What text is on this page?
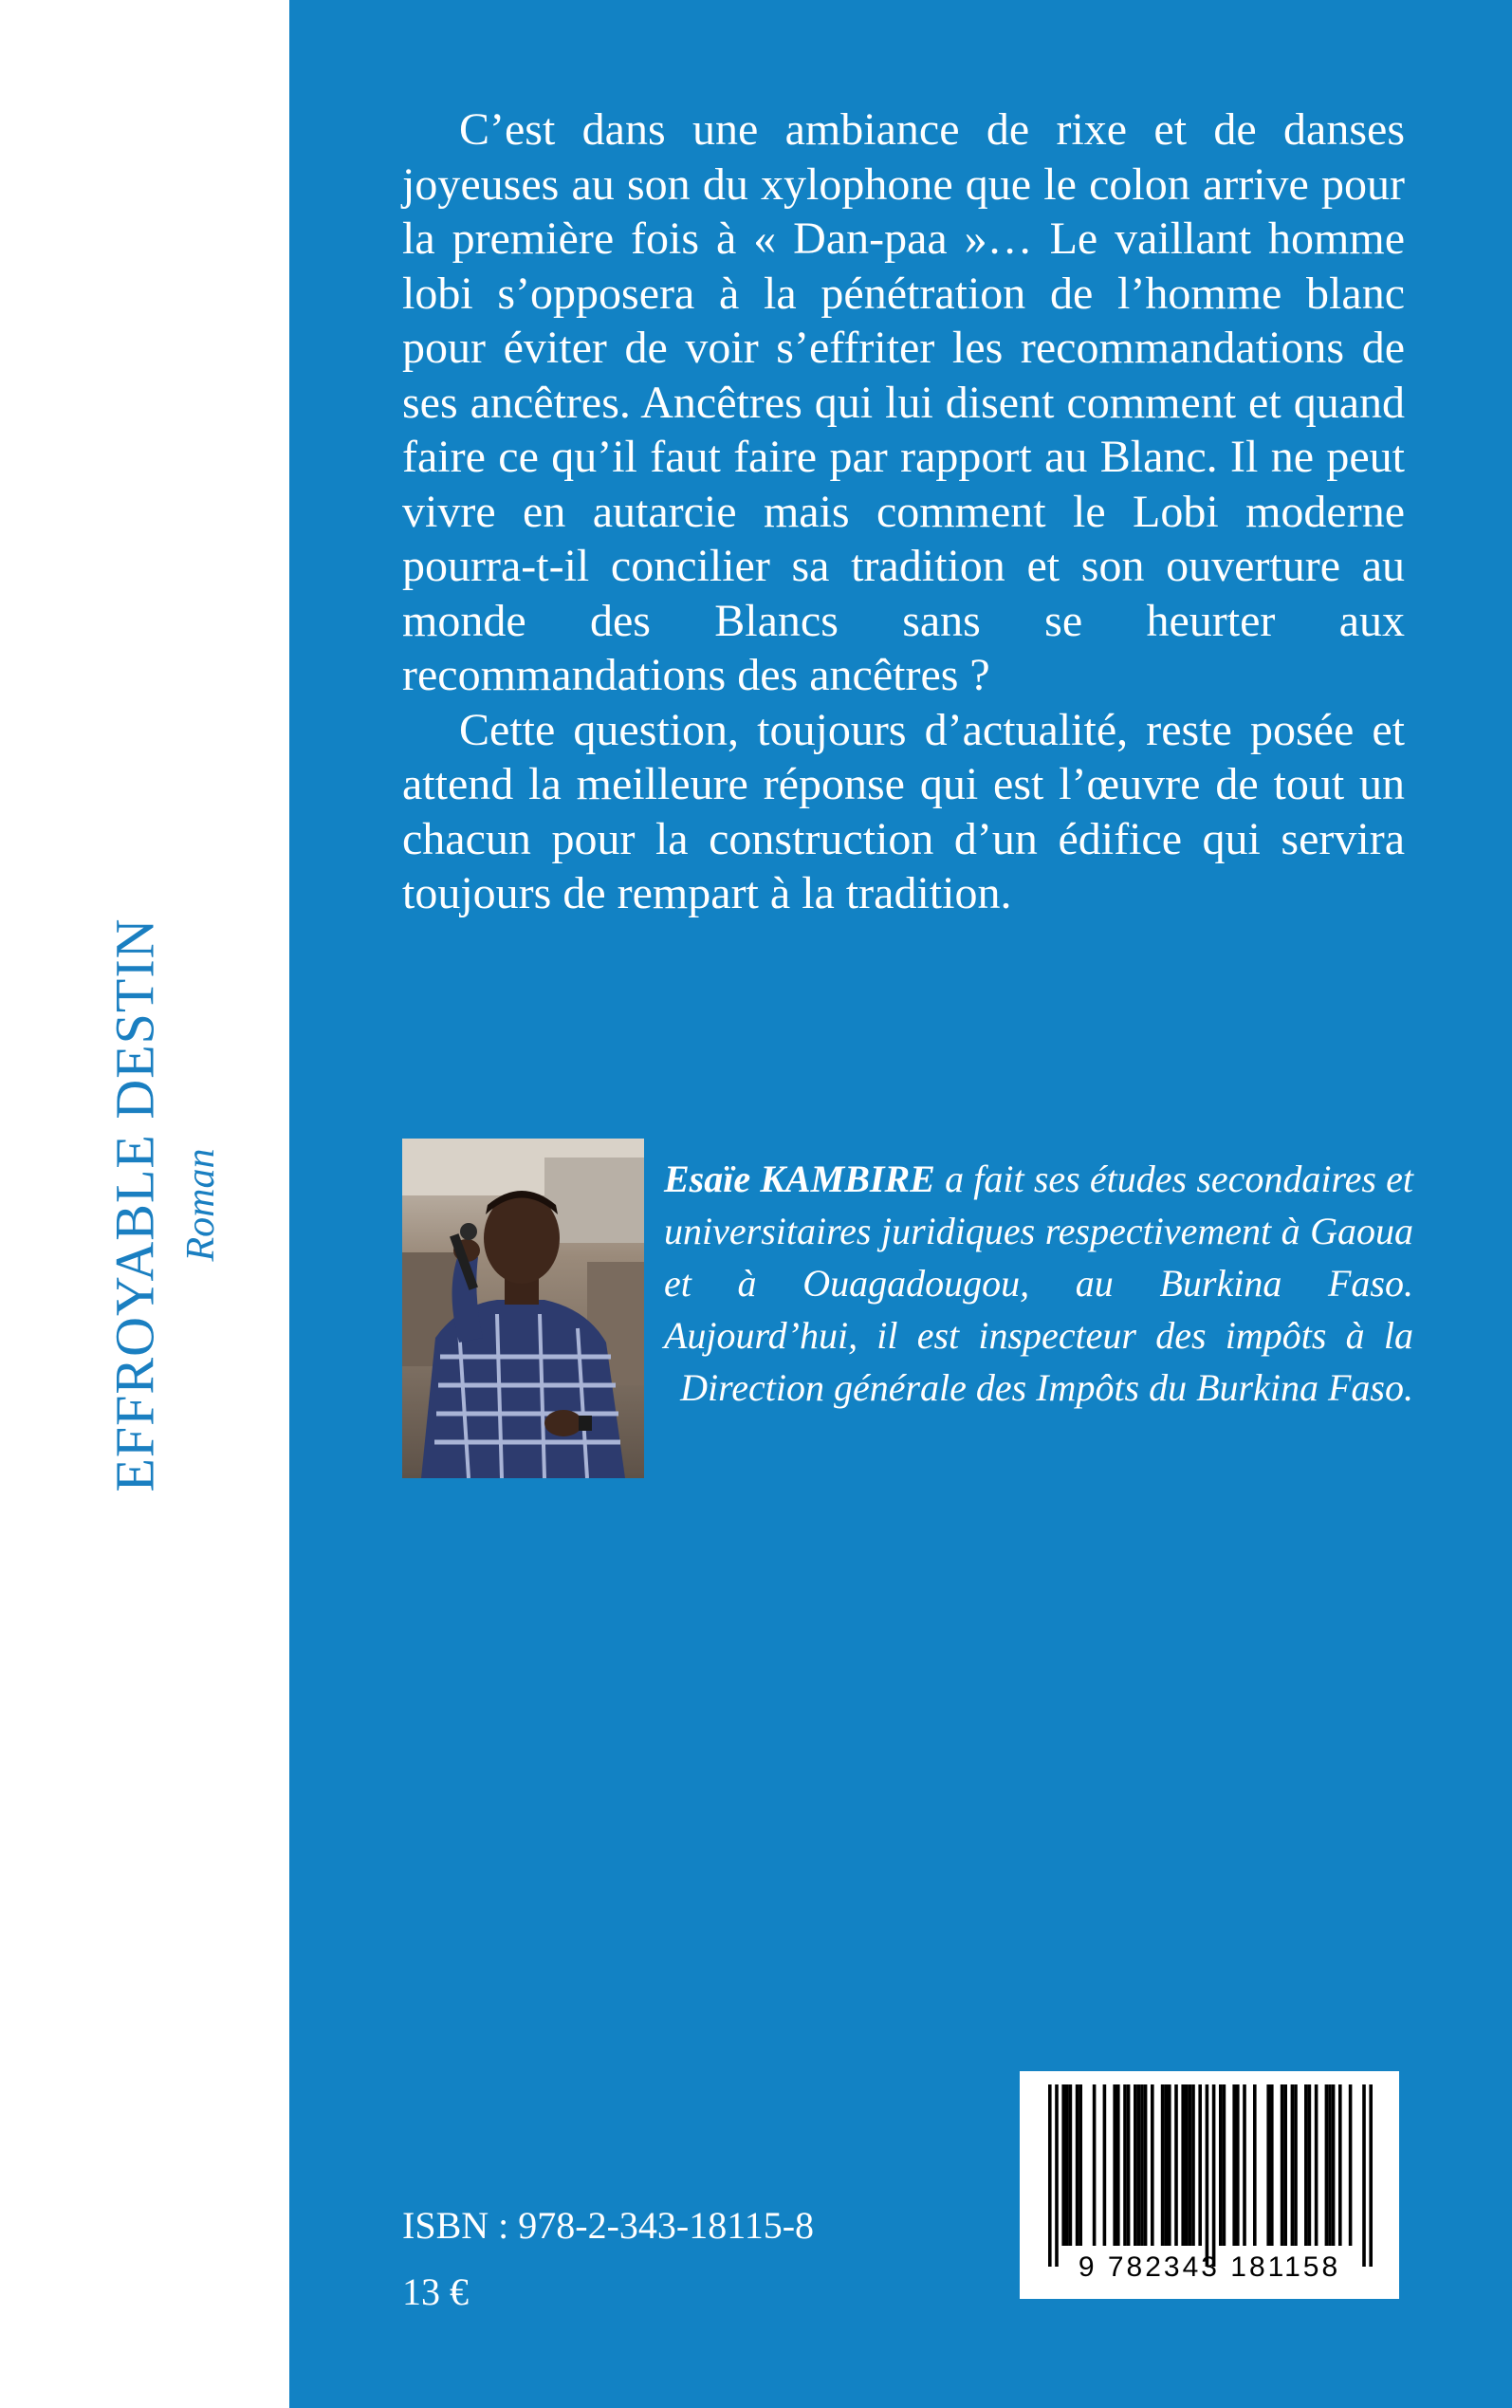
EFFROYABLE DESTIN Roman

C’est dans une ambiance de rixe et de danses joyeuses au son du xylophone que le colon arrive pour la première fois à « Dan-paa »… Le vaillant homme lobi s’opposera à la pénétration de l’homme blanc pour éviter de voir s’effriter les recommandations de ses ancêtres. Ancêtres qui lui disent comment et quand faire ce qu’il faut faire par rapport au Blanc. Il ne peut vivre en autarcie mais comment le Lobi moderne pourra-t-il concilier sa tradition et son ouverture au monde des Blancs sans se heurter aux recommandations des ancêtres ?

Cette question, toujours d’actualité, reste posée et attend la meilleure réponse qui est l’œuvre de tout un chacun pour la construction d’un édifice qui servira toujours de rempart à la tradition.

Esaïe KAMBIRE a fait ses études secondaires et universitaires juridiques respectivement à Gaoua et à Ouagadougou, au Burkina Faso. Aujourd’hui, il est inspecteur des impôts à la Direction générale des Impôts du Burkina Faso.
ISBN : 978-2-343-18115-8
13 €
9 782343 181158
